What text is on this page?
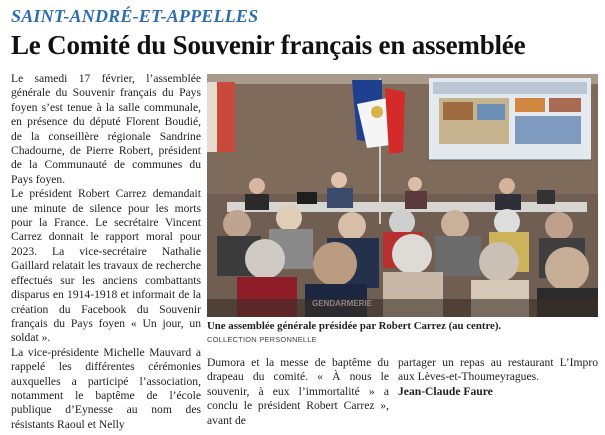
SAINT-ANDRÉ-ET-APPELLES
Le Comité du Souvenir français en assemblée

Le samedi 17 février, l’assemblée générale du Souvenir français du Pays foyen s’est tenue à la salle communale, en présence du député Florent Boudié, de la conseillère régionale Sandrine Chadourne, de Pierre Robert, président de la Communauté de communes du Pays foyen.

Le président Robert Carrez demandait une minute de silence pour les morts pour la France. Le secrétaire Vincent Carrez donnait le rapport moral pour 2023. La vice-secrétaire Nathalie Gaillard relatait les travaux de recherche effectués sur les anciens combattants disparus en 1914-1918 et informait de la création du Facebook du Souvenir français du Pays foyen « Un jour, un soldat ».

La vice-présidente Michelle Mauvard a rappelé les différentes cérémonies auxquelles a participé l’association, notamment le baptême de l’école publique d’Eynesse au nom des résistants Raoul et Nelly

Une assemblée générale présidée par Robert Carrez (au centre).
COLLECTION PERSONNELLE

Dumora et la messe de baptême du drapeau du comité. « À nous le souvenir, à eux l’immortalité » a conclu le président Robert Carrez », avant de

partager un repas au restaurant L’Impro aux Lèves-et-Thoumeyragues.

Jean-Claude Faure
